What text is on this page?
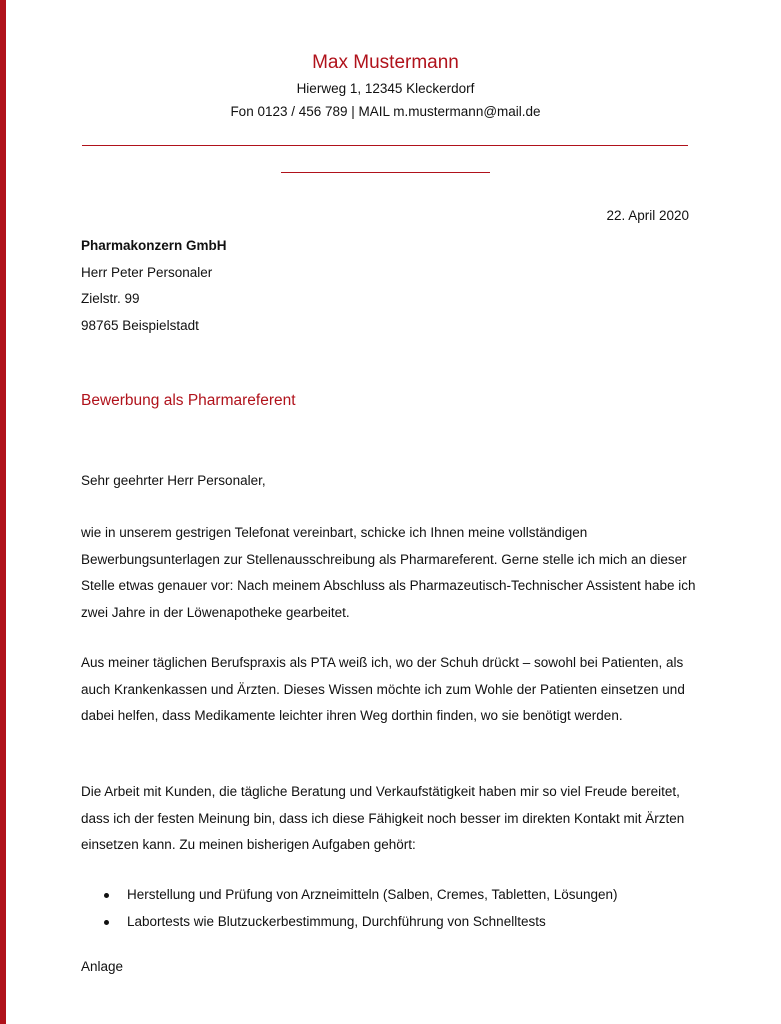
Max Mustermann
Hierweg 1, 12345 Kleckerdorf
Fon 0123 / 456 789 | MAIL m.mustermann@mail.de
22. April 2020
Pharmakonzern GmbH
Herr Peter Personaler
Zielstr. 99
98765 Beispielstadt
Bewerbung als Pharmareferent
Sehr geehrter Herr Personaler,
wie in unserem gestrigen Telefonat vereinbart, schicke ich Ihnen meine vollständigen Bewerbungsunterlagen zur Stellenausschreibung als Pharmareferent. Gerne stelle ich mich an dieser Stelle etwas genauer vor: Nach meinem Abschluss als Pharmazeutisch-Technischer Assistent habe ich zwei Jahre in der Löwenapotheke gearbeitet.
Aus meiner täglichen Berufspraxis als PTA weiß ich, wo der Schuh drückt – sowohl bei Patienten, als auch Krankenkassen und Ärzten. Dieses Wissen möchte ich zum Wohle der Patienten einsetzen und dabei helfen, dass Medikamente leichter ihren Weg dorthin finden, wo sie benötigt werden.
Die Arbeit mit Kunden, die tägliche Beratung und Verkaufstätigkeit haben mir so viel Freude bereitet, dass ich der festen Meinung bin, dass ich diese Fähigkeit noch besser im direkten Kontakt mit Ärzten einsetzen kann. Zu meinen bisherigen Aufgaben gehört:
Herstellung und Prüfung von Arzneimitteln (Salben, Cremes, Tabletten, Lösungen)
Labortests wie Blutzuckerbestimmung, Durchführung von Schnelltests
Anlage
